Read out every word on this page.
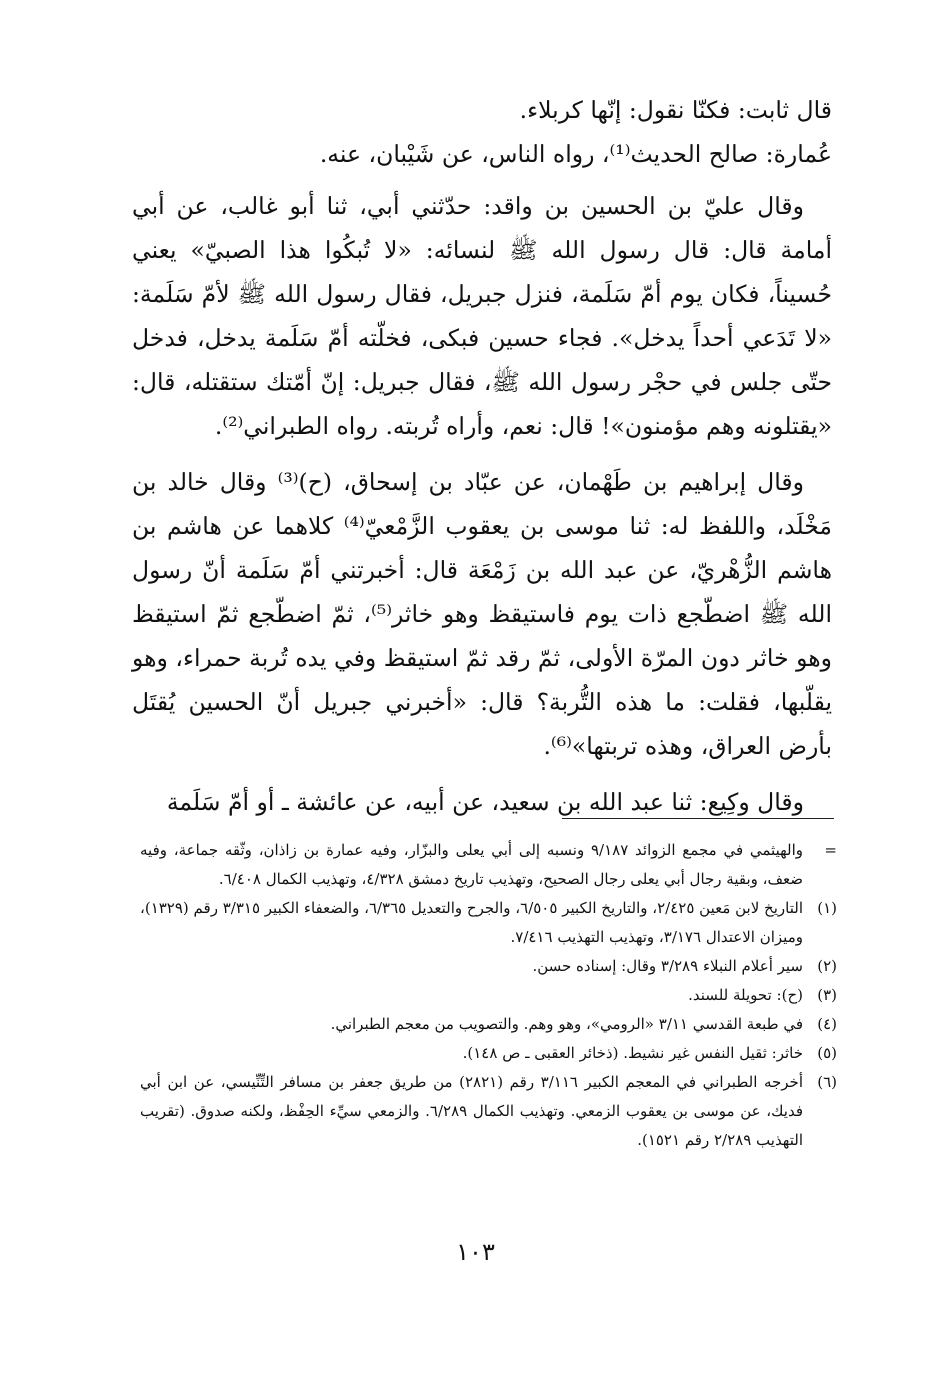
قال ثابت: فكنّا نقول: إنّها كربلاء.

عُمارة: صالح الحديث⁽¹⁾، رواه الناس، عن شَيْبان، عنه.

وقال عليّ بن الحسين بن واقد: حدّثني أبي، ثنا أبو غالب، عن أبي أمامة قال: قال رسول الله ﷺ لنسائه: «لا تُبكُوا هذا الصبيّ» يعني حُسيناً، فكان يوم أمّ سَلَمة، فنزل جبريل، فقال رسول الله ﷺ لأمّ سَلَمة: «لا تَدَعي أحداً يدخل». فجاء حسين فبكى، فخلّته أمّ سَلَمة يدخل، فدخل حتّى جلس في حجْر رسول الله ﷺ، فقال جبريل: إنّ أمّتك ستقتله، قال: «يقتلونه وهم مؤمنون»! قال: نعم، وأراه تُربته. رواه الطبراني⁽²⁾.

وقال إبراهيم بن طَهْمان، عن عبّاد بن إسحاق، (ح)⁽³⁾ وقال خالد بن مَخْلَد، واللفظ له: ثنا موسى بن يعقوب الزَّمْعيّ⁽⁴⁾ كلاهما عن هاشم بن هاشم الزُّهْريّ، عن عبد الله بن زَمْعَة قال: أخبرتني أمّ سَلَمة أنّ رسول الله ﷺ اضطّجع ذات يوم فاستيقظ وهو خاثر⁽⁵⁾، ثمّ اضطّجع ثمّ استيقظ وهو خاثر دون المرّة الأولى، ثمّ رقد ثمّ استيقظ وفي يده تُربة حمراء، وهو يقلّبها، فقلت: ما هذه التُّربة؟ قال: «أخبرني جبريل أنّ الحسين يُقتَل بأرض العراق، وهذه تربتها»⁽⁶⁾.

وقال وكِيع: ثنا عبد الله بن سعيد، عن أبيه، عن عائشة ـ أو أمّ سَلَمة

=
والهيثمي في مجمع الزوائد ٩/١٨٧ ونسبه إلى أبي يعلى والبزّار، وفيه عمارة بن زاذان، وثّقه جماعة، وفيه ضعف، وبقية رجال أبي يعلى رجال الصحيح، وتهذيب تاريخ دمشق ٤/٣٢٨، وتهذيب الكمال ٦/٤٠٨.
(١)
التاريخ لابن مَعين ٢/٤٢٥، والتاريخ الكبير ٦/٥٠٥، والجرح والتعديل ٦/٣٦٥، والضعفاء الكبير ٣/٣١٥ رقم (١٣٢٩)، وميزان الاعتدال ٣/١٧٦، وتهذيب التهذيب ٧/٤١٦.
(٢)
سير أعلام النبلاء ٣/٢٨٩ وقال: إسناده حسن.
(٣)
(ح): تحويلة للسند.
(٤)
في طبعة القدسي ٣/١١ «الرومي»، وهو وهم. والتصويب من معجم الطبراني.
(٥)
خاثر: ثقيل النفس غير نشيط. (ذخائر العقبى ـ ص ١٤٨).
(٦)
أخرجه الطبراني في المعجم الكبير ٣/١١٦ رقم (٢٨٢١) من طريق جعفر بن مسافر التِّنِّيسي، عن ابن أبي فديك، عن موسى بن يعقوب الزمعي. وتهذيب الكمال ٦/٢٨٩. والزمعي سيِّء الحِفْظ، ولكنه صدوق. (تقريب التهذيب ٢/٢٨٩ رقم ١٥٢١).
١٠٣
